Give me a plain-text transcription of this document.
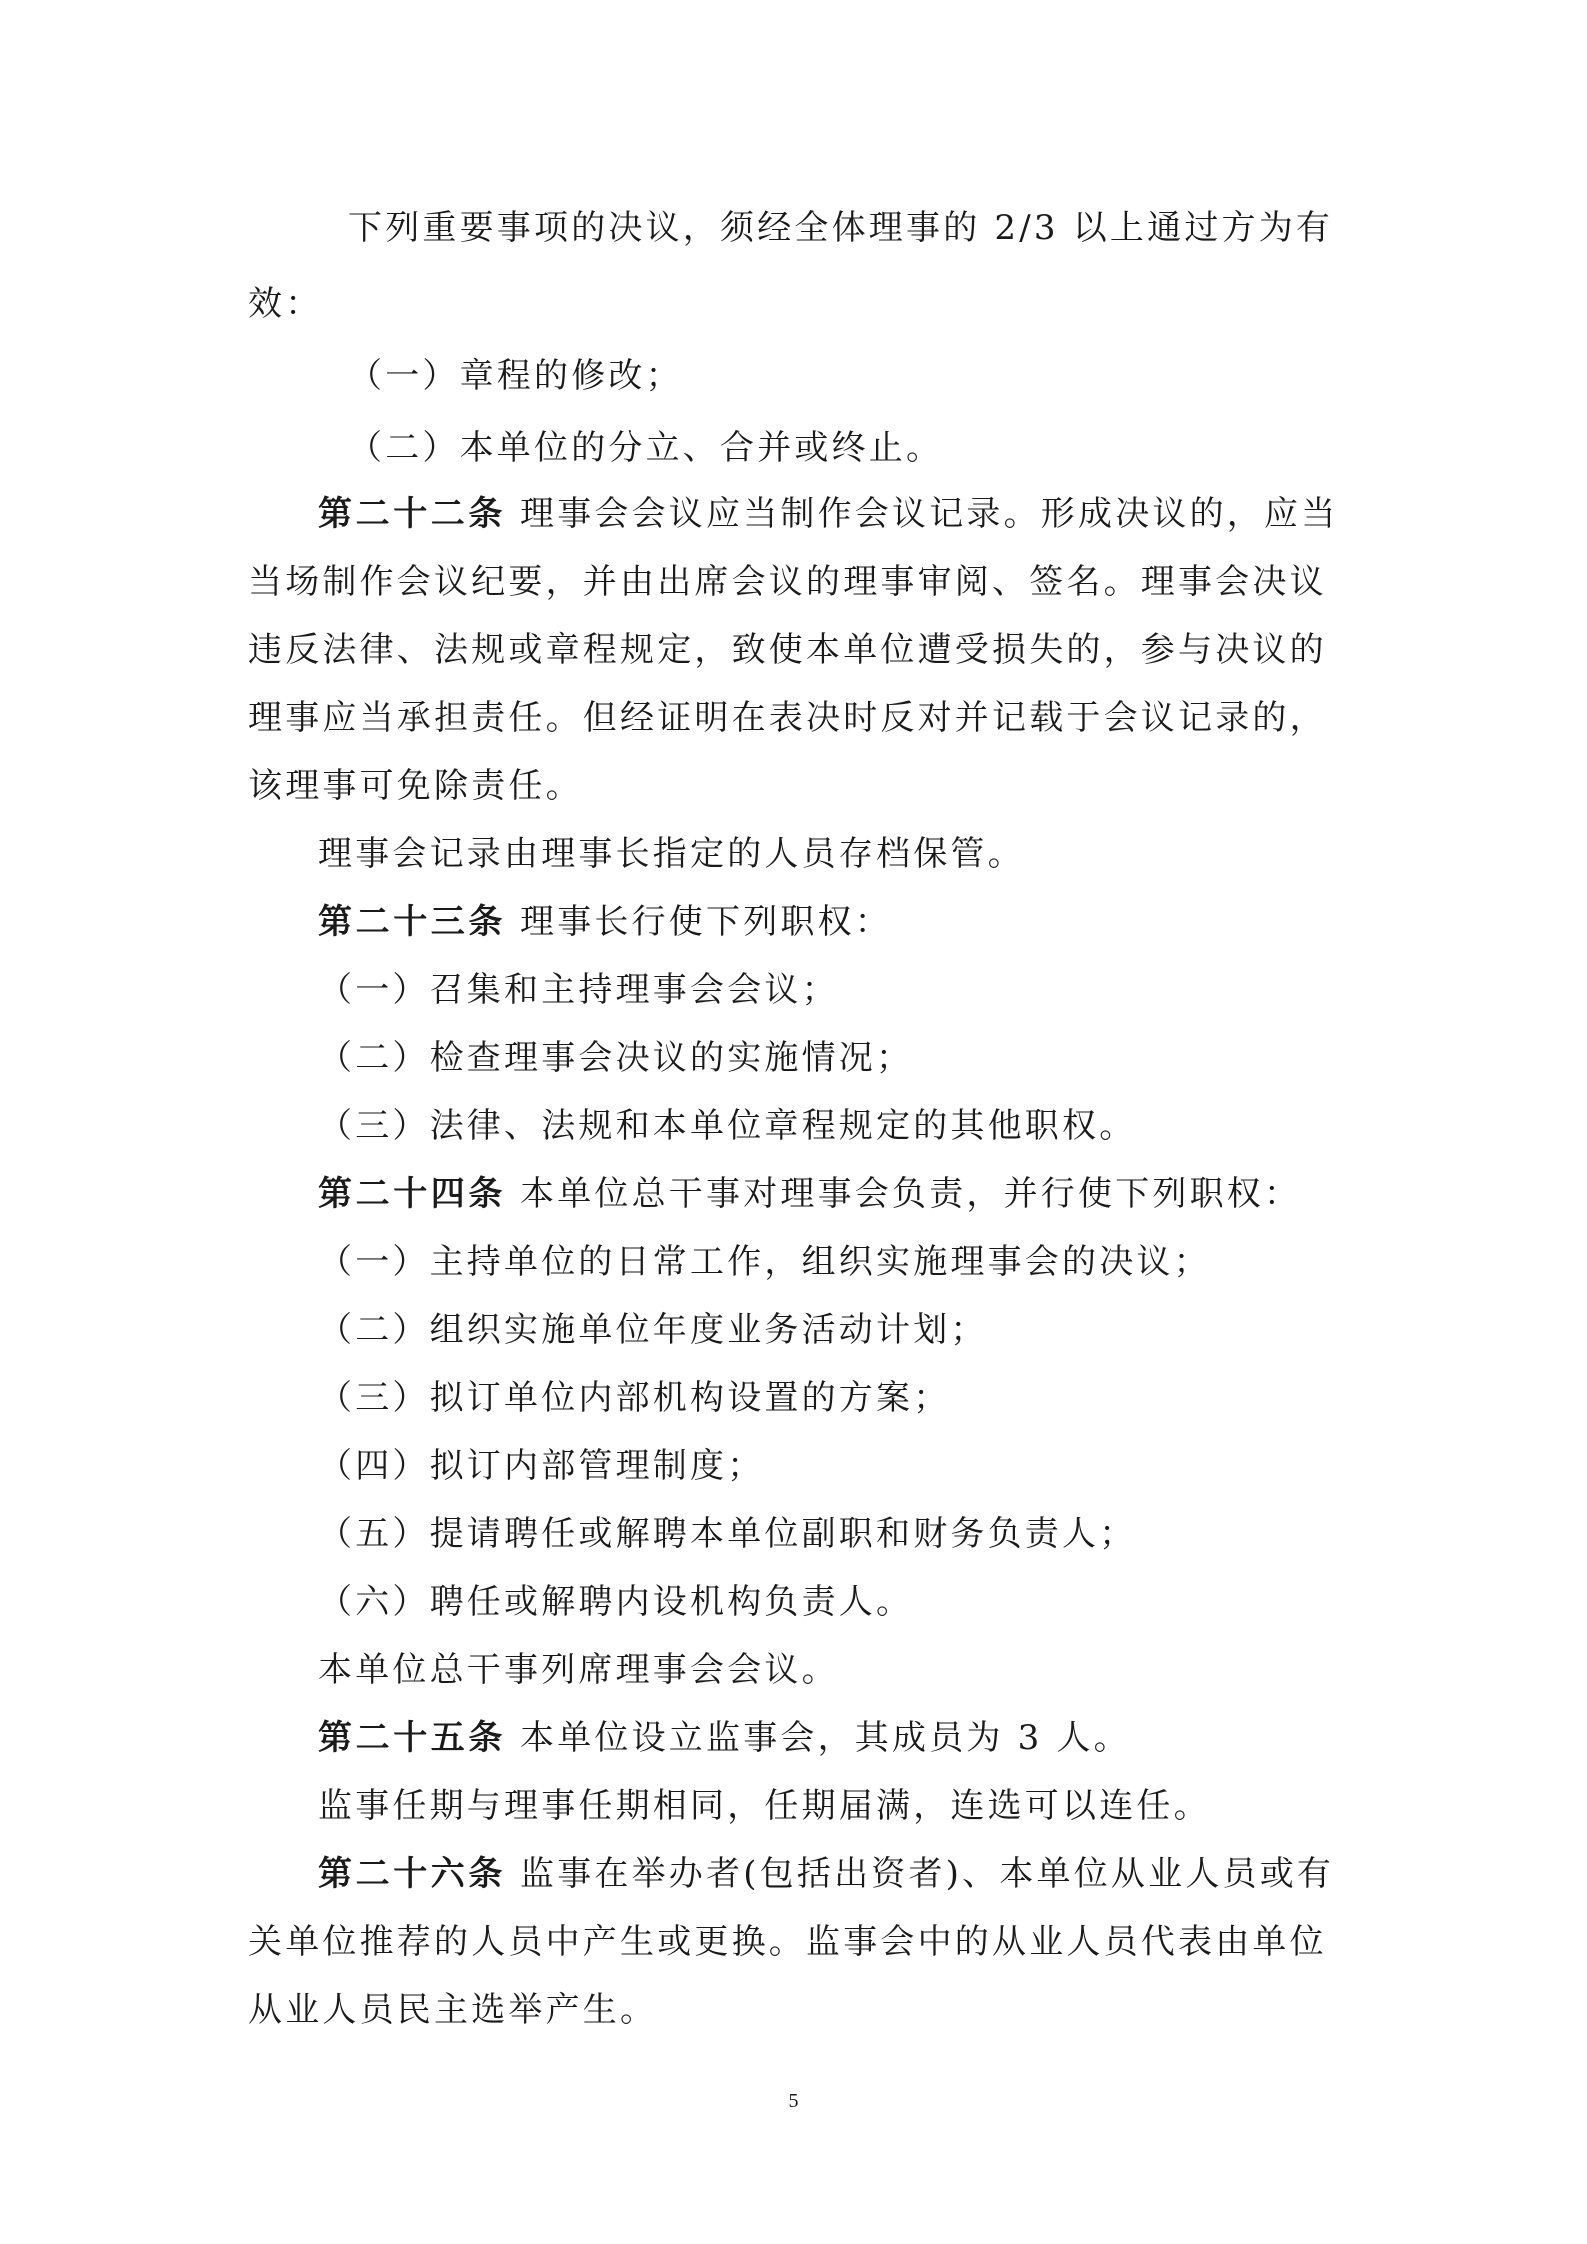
下列重要事项的决议，须经全体理事的 2/3 以上通过方为有
效：
（一）章程的修改；
（二）本单位的分立、合并或终止。
第二十二条 理事会会议应当制作会议记录。形成决议的，应当
当场制作会议纪要，并由出席会议的理事审阅、签名。理事会决议
违反法律、法规或章程规定，致使本单位遭受损失的，参与决议的
理事应当承担责任。但经证明在表决时反对并记载于会议记录的，
该理事可免除责任。
理事会记录由理事长指定的人员存档保管。
第二十三条 理事长行使下列职权：
（一）召集和主持理事会会议；
（二）检查理事会决议的实施情况；
（三）法律、法规和本单位章程规定的其他职权。
第二十四条 本单位总干事对理事会负责，并行使下列职权：
（一）主持单位的日常工作，组织实施理事会的决议；
（二）组织实施单位年度业务活动计划；
（三）拟订单位内部机构设置的方案；
（四）拟订内部管理制度；
（五）提请聘任或解聘本单位副职和财务负责人；
（六）聘任或解聘内设机构负责人。
本单位总干事列席理事会会议。
第二十五条 本单位设立监事会，其成员为 3 人。
监事任期与理事任期相同，任期届满，连选可以连任。
第二十六条 监事在举办者(包括出资者)、本单位从业人员或有
关单位推荐的人员中产生或更换。监事会中的从业人员代表由单位
从业人员民主选举产生。
5
